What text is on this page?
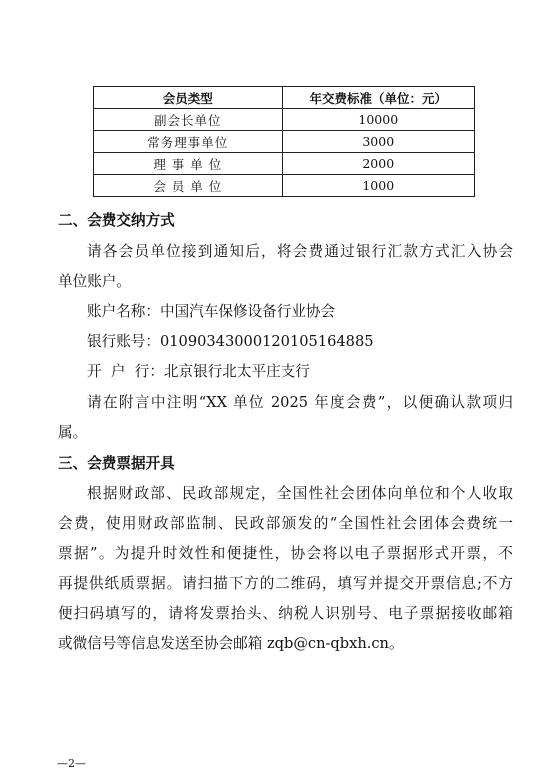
会员类型	年交费标准（单位：元）
副会长单位	10000
常务理事单位	3000
理 事 单 位	2000
会 员 单 位	1000
二、会费交纳方式
请各会员单位接到通知后，将会费通过银行汇款方式汇入协会
单位账户。
账户名称：中国汽车保修设备行业协会
银行账号：01090343000120105164885
开  户  行：北京银行北太平庄支行
请在附言中注明“XX 单位 2025 年度会费”，以便确认款项归
属。
三、会费票据开具
根据财政部、民政部规定，全国性社会团体向单位和个人收取
会费，使用财政部监制、民政部颁发的“全国性社会团体会费统一
票据”。为提升时效性和便捷性，协会将以电子票据形式开票，不
再提供纸质票据。请扫描下方的二维码，填写并提交开票信息;不方
便扫码填写的，请将发票抬头、纳税人识别号、电子票据接收邮箱
或微信号等信息发送至协会邮箱 zqb@cn-qbxh.cn。
—2—
